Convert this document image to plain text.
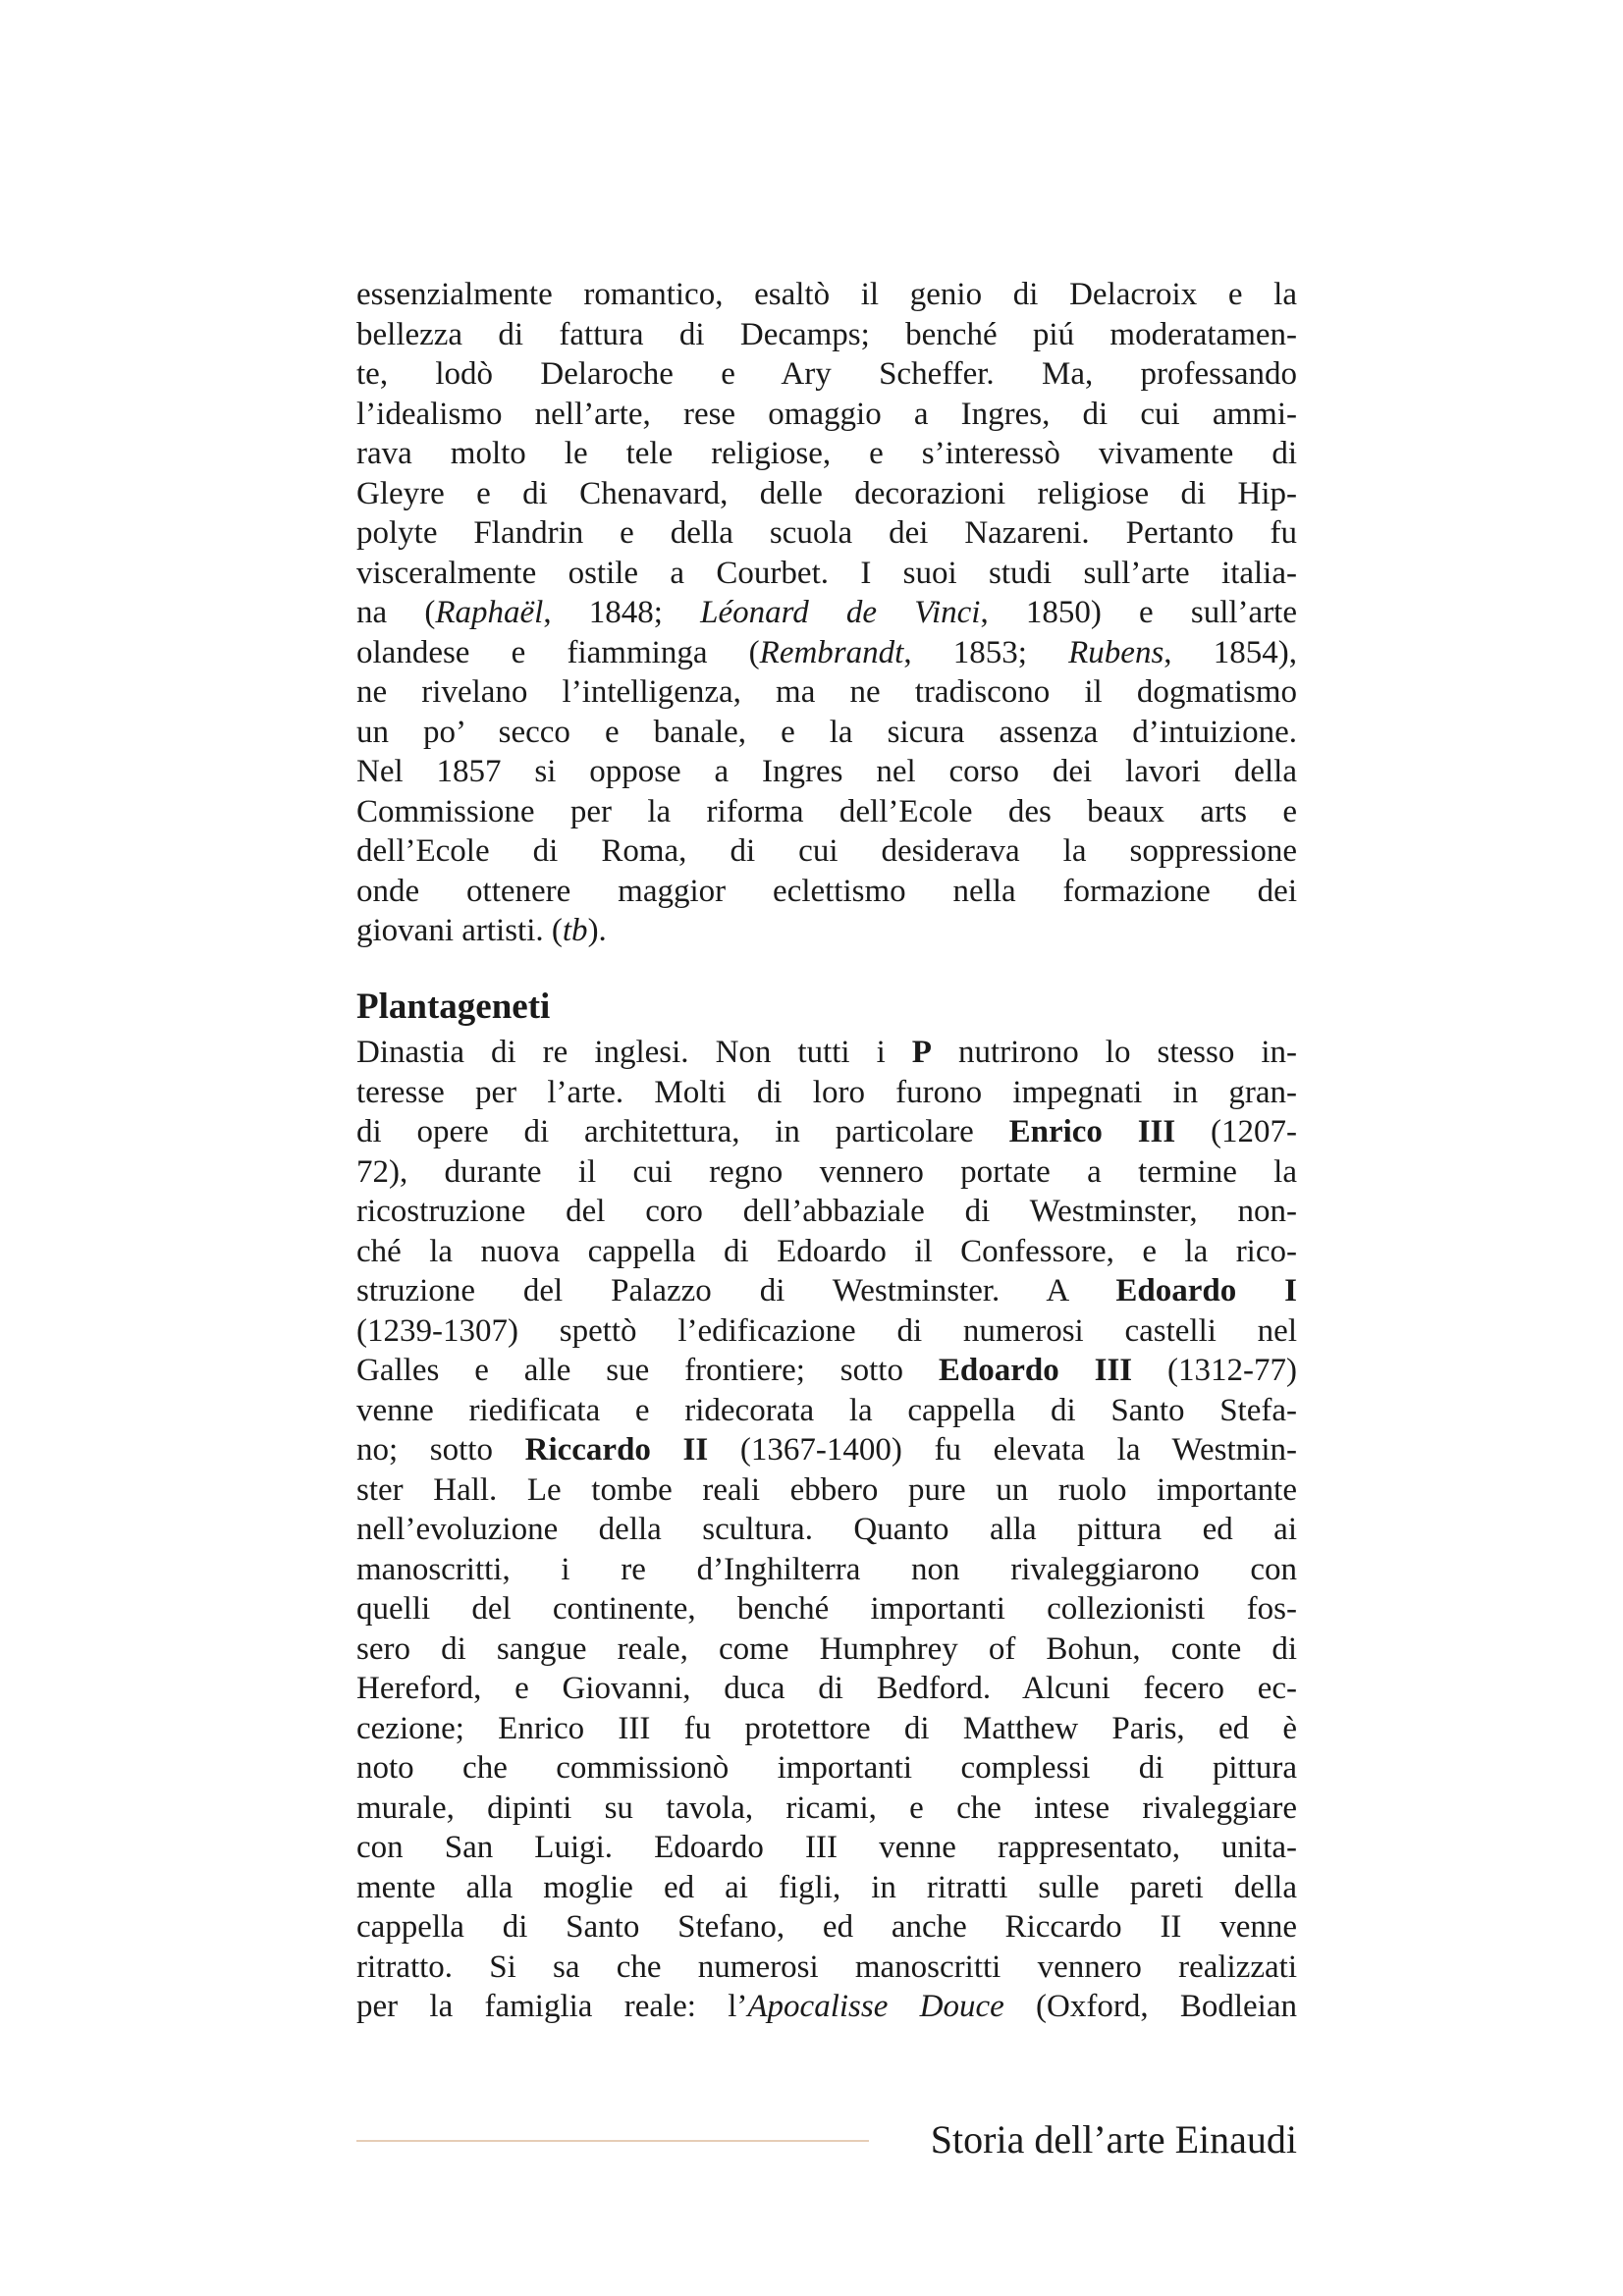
essenzialmente romantico, esaltò il genio di Delacroix e la
bellezza di fattura di Decamps; benché piú moderatamen-
te, lodò Delaroche e Ary Scheffer. Ma, professando
l’idealismo nell’arte, rese omaggio a Ingres, di cui ammi-
rava molto le tele religiose, e s’interessò vivamente di
Gleyre e di Chenavard, delle decorazioni religiose di Hip-
polyte Flandrin e della scuola dei Nazareni. Pertanto fu
visceralmente ostile a Courbet. I suoi studi sull’arte italia-
na (Raphaël, 1848; Léonard de Vinci, 1850) e sull’arte
olandese e fiamminga (Rembrandt, 1853; Rubens, 1854),
ne rivelano l’intelligenza, ma ne tradiscono il dogmatismo
un po’ secco e banale, e la sicura assenza d’intuizione.
Nel 1857 si oppose a Ingres nel corso dei lavori della
Commissione per la riforma dell’Ecole des beaux arts e
dell’Ecole di Roma, di cui desiderava la soppressione
onde ottenere maggior eclettismo nella formazione dei
giovani artisti. (tb).
Plantageneti
Dinastia di re inglesi. Non tutti i P nutrirono lo stesso in-
teresse per l’arte. Molti di loro furono impegnati in gran-
di opere di architettura, in particolare Enrico III (1207-
72), durante il cui regno vennero portate a termine la
ricostruzione del coro dell’abbaziale di Westminster, non-
ché la nuova cappella di Edoardo il Confessore, e la rico-
struzione del Palazzo di Westminster. A Edoardo I
(1239-1307) spettò l’edificazione di numerosi castelli nel
Galles e alle sue frontiere; sotto Edoardo III (1312-77)
venne riedificata e ridecorata la cappella di Santo Stefa-
no; sotto Riccardo II (1367-1400) fu elevata la Westmin-
ster Hall. Le tombe reali ebbero pure un ruolo importante
nell’evoluzione della scultura. Quanto alla pittura ed ai
manoscritti, i re d’Inghilterra non rivaleggiarono con
quelli del continente, benché importanti collezionisti fos-
sero di sangue reale, come Humphrey of Bohun, conte di
Hereford, e Giovanni, duca di Bedford. Alcuni fecero ec-
cezione; Enrico III fu protettore di Matthew Paris, ed è
noto che commissionò importanti complessi di pittura
murale, dipinti su tavola, ricami, e che intese rivaleggiare
con San Luigi. Edoardo III venne rappresentato, unita-
mente alla moglie ed ai figli, in ritratti sulle pareti della
cappella di Santo Stefano, ed anche Riccardo II venne
ritratto. Si sa che numerosi manoscritti vennero realizzati
per la famiglia reale: l’Apocalisse Douce (Oxford, Bodleian
Storia dell’arte Einaudi
